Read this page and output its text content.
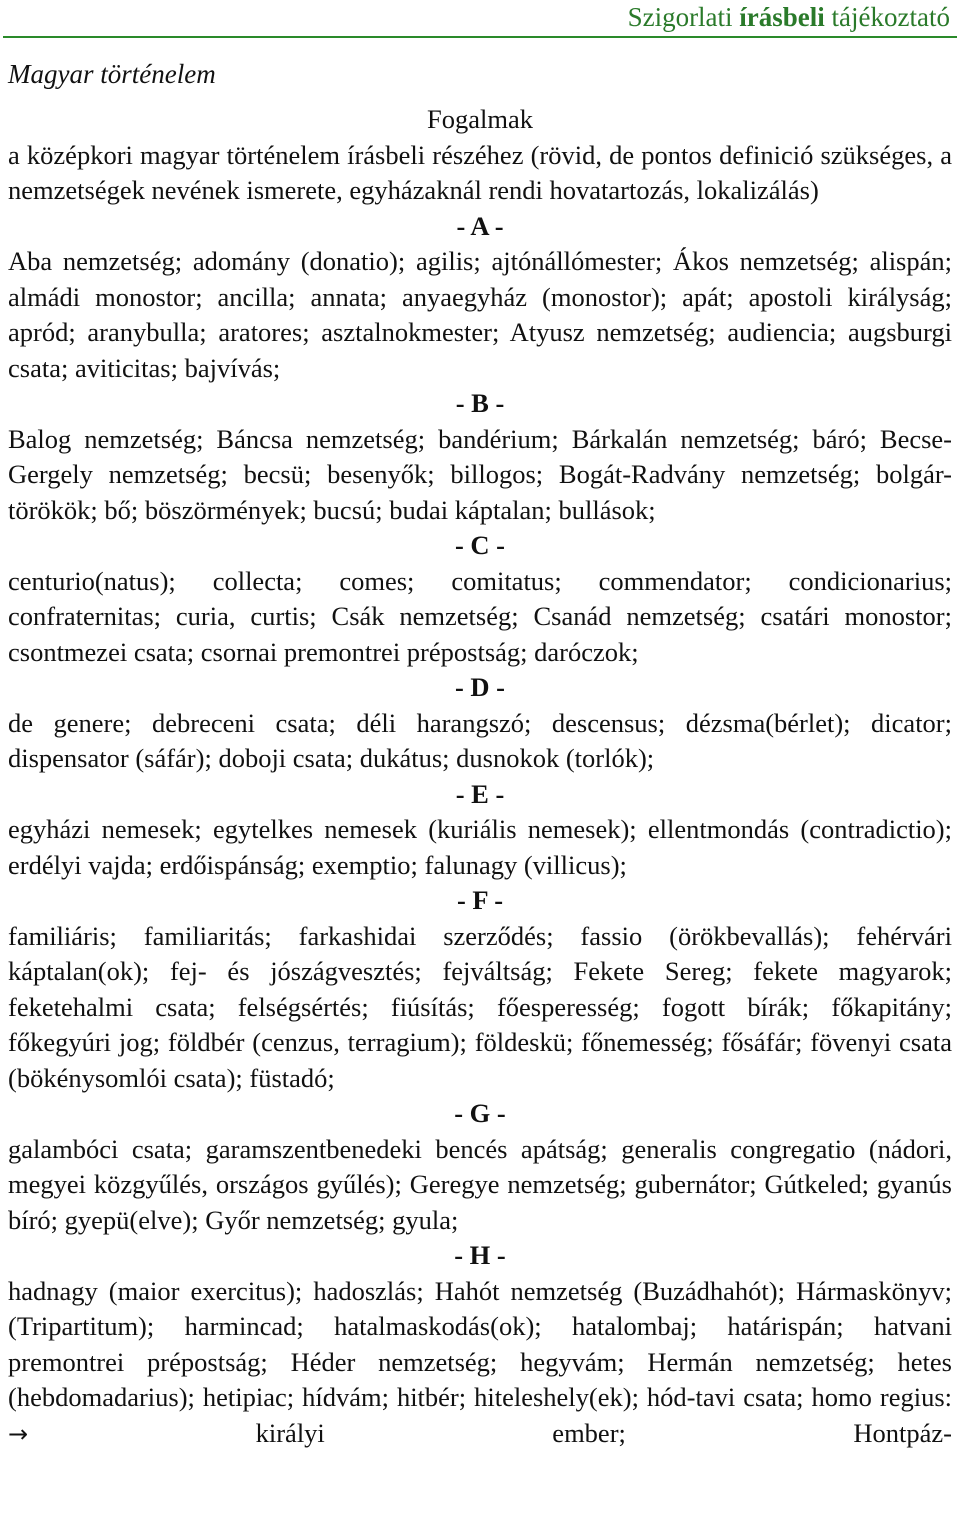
Szigorlati írásbeli tájékoztató
Magyar történelem

Fogalmak

a középkori magyar történelem írásbeli részéhez (rövid, de pontos definició szükséges, a nemzetségek nevének ismerete, egyházaknál rendi hovatartozás, lokalizálás)

- A -

Aba nemzetség; adomány (donatio); agilis; ajtónállómester; Ákos nemzetség; alispán; almádi monostor; ancilla; annata; anyaegyház (monostor); apát; apostoli királyság; apród; aranybulla; aratores; asztalnokmester; Atyusz nemzetség; audiencia; augsburgi csata; aviticitas; bajvívás;

- B -

Balog nemzetség; Báncsa nemzetség; bandérium; Bárkalán nemzetség; báró; Becse-Gergely nemzetség; becsü; besenyők; billogos; Bogát-Radvány nemzetség; bolgár-törökök; bő; böszörmények; bucsú; budai káptalan; bullások;

- C -

centurio(natus); collecta; comes; comitatus; commendator; condicionarius; confraternitas; curia, curtis; Csák nemzetség; Csanád nemzetség; csatári monostor; csontmezei csata; csornai premontrei prépostság; daróczok;

- D -

de genere; debreceni csata; déli harangszó; descensus; dézsma(bérlet); dicator; dispensator (sáfár); doboji csata; dukátus; dusnokok (torlók);

- E -

egyházi nemesek; egytelkes nemesek (kuriális nemesek); ellentmondás (contradictio); erdélyi vajda; erdőispánság; exemptio; falunagy (villicus);

- F -

familiáris; familiaritás; farkashidai szerződés; fassio (örökbevallás); fehérvári káptalan(ok); fej- és jószágvesztés; fejváltság; Fekete Sereg; fekete magyarok; feketehalmi csata; felségsértés; fiúsítás; főesperesség; fogott bírák; főkapitány; főkegyúri jog; földbér (cenzus, terragium); földeskü; főnemesség; fősáfár; fövenyi csata (bökénysomlói csata); füstadó;

- G -

galambóci csata; garamszentbenedeki bencés apátság; generalis congregatio (nádori, megyei közgyűlés, országos gyűlés); Geregye nemzetség; gubernátor; Gútkeled; gyanús bíró; gyepü(elve); Győr nemzetség; gyula;

- H -

hadnagy (maior exercitus); hadoszlás; Hahót nemzetség (Buzádhahót); Hármaskönyv; (Tripartitum); harmincad; hatalmaskodás(ok); hatalombaj; határispán; hatvani premontrei prépostság; Héder nemzetség; hegyvám; Hermán nemzetség; hetes (hebdomadarius); hetipiac; hídvám; hitbér; hiteleshely(ek); hód-tavi csata; homo regius: → királyi ember; Hontpáz-
